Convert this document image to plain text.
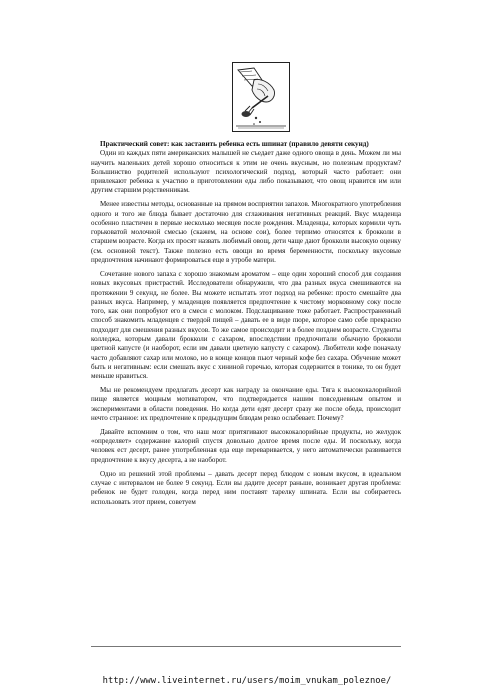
Практический совет: как заставить ребенка есть шпинат (правило девяти секунд)

Один из каждых пяти американских малышей не съедает даже одного овоща в день. Можем ли мы научить маленьких детей хорошо относиться к этим не очень вкусным, но полезным продуктам? Большинство родителей используют психологический подход, который часто работает: они привлекают ребенка к участию в приготовлении еды либо показывают, что овощ нравится им или другим старшим родственникам.

Менее известны методы, основанные на прямом восприятии запахов. Многократного употребления одного и того же блюда бывает достаточно для сглаживания негативных реакций. Вкус младенца особенно пластичен в первые несколько месяцев после рождения. Младенцы, которых кормили чуть горьковатой молочной смесью (скажем, на основе сои), более терпимо относятся к брокколи в старшем возрасте. Когда их просят назвать любимый овощ, дети чаще дают брокколи высокую оценку (см. основной текст). Также полезно есть овощи во время беременности, поскольку вкусовые предпочтения начинают формироваться еще в утробе матери.

Сочетание нового запаха с хорошо знакомым ароматом – еще один хороший способ для создания новых вкусовых пристрастий. Исследователи обнаружили, что два разных вкуса смешиваются на протяжении 9 секунд, не более. Вы можете испытать этот подход на ребенке: просто смешайте два разных вкуса. Например, у младенцев появляется предпочтение к чистому морковному соку после того, как они попробуют его в смеси с молоком. Подслащивание тоже работает. Распространенный способ знакомить младенцев с твердой пищей – давать ее в виде пюре, которое само себе прекрасно подходит для смешения разных вкусов. То же самое происходит и в более позднем возрасте. Студенты колледжа, которым давали брокколи с сахаром, впоследствии предпочитали обычную брокколи цветной капусте (и наоборот, если им давали цветную капусту с сахаром). Любители кофе поначалу часто добавляют сахар или молоко, но в конце концов пьют черный кофе без сахара. Обучение может быть и негативным: если смешать вкус с хининой горечью, которая содержится в тонике, то он будет меньше нравиться.

Мы не рекомендуем предлагать десерт как награду за окончание еды. Тяга к высококалорийной пище является мощным мотиватором, что подтверждается нашим повседневным опытом и экспериментами в области поведения. Но когда дети едят десерт сразу же после обеда, происходит нечто странное: их предпочтение к предыдущим блюдам резко ослабевает. Почему?

Давайте вспомним о том, что наш мозг притягивают высококалорийные продукты, но желудок «определяет» содержание калорий спустя довольно долгое время после еды. И поскольку, когда человек ест десерт, ранее употребленная еда еще переваривается, у него автоматически развивается предпочтение к вкусу десерта, а не наоборот.

Одно из решений этой проблемы – давать десерт перед блюдом с новым вкусом, в идеальном случае с интервалом не более 9 секунд. Если вы дадите десерт раньше, возникает другая проблема: ребенок не будет голоден, когда перед ним поставят тарелку шпината. Если вы собираетесь использовать этот прием, советуем

http://www.liveinternet.ru/users/moim_vnukam_poleznoe/
